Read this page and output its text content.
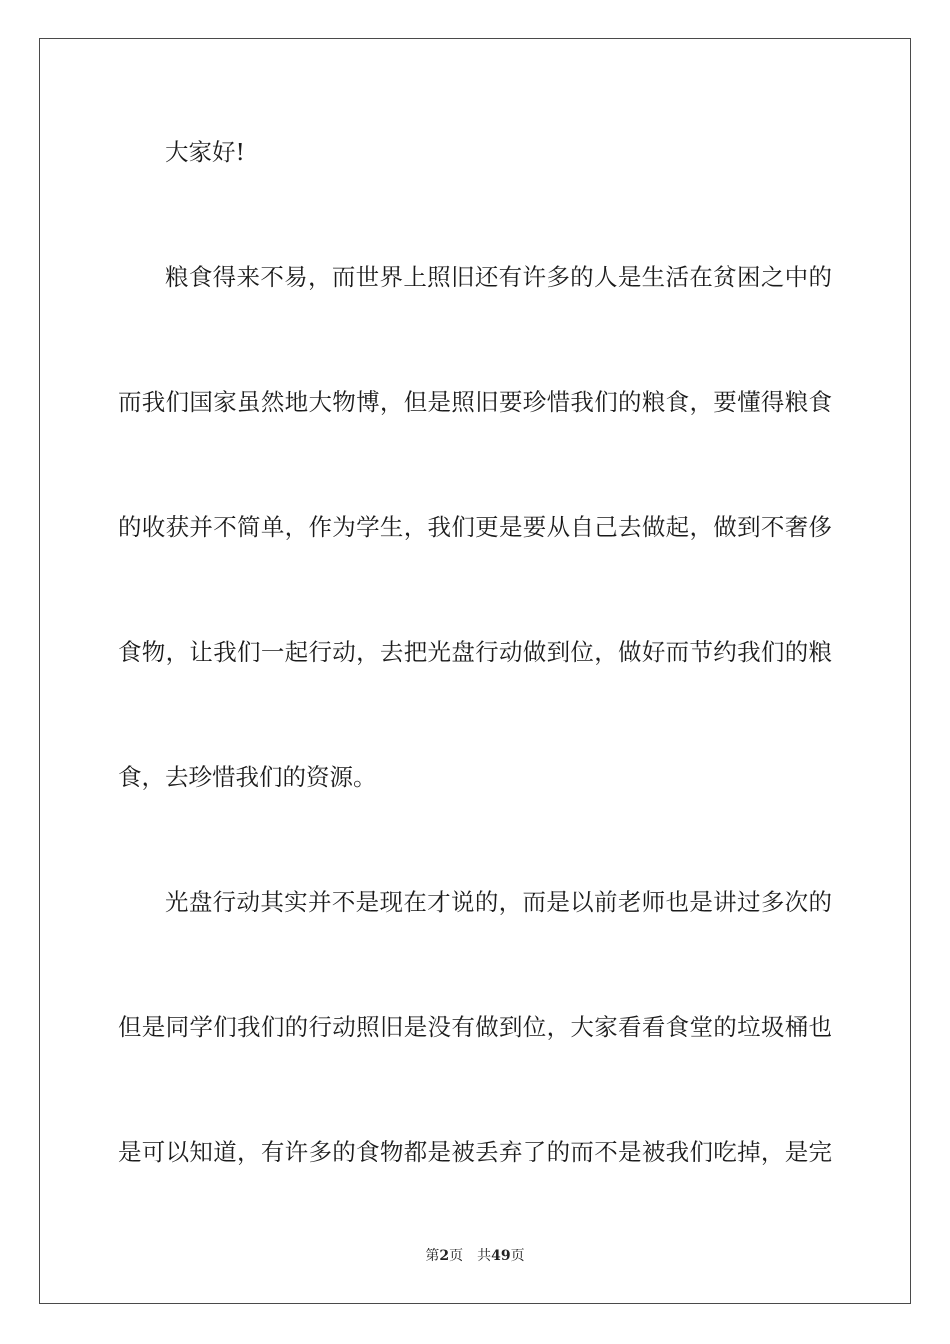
大家好!
粮食得来不易，而世界上照旧还有许多的人是生活在贫困之中的
而我们国家虽然地大物博，但是照旧要珍惜我们的粮食，要懂得粮食
的收获并不简单，作为学生，我们更是要从自己去做起，做到不奢侈
食物，让我们一起行动，去把光盘行动做到位，做好而节约我们的粮
食，去珍惜我们的资源。
光盘行动其实并不是现在才说的，而是以前老师也是讲过多次的
但是同学们我们的行动照旧是没有做到位，大家看看食堂的垃圾桶也
是可以知道，有许多的食物都是被丢弃了的而不是被我们吃掉，是完
第2页 共49页
